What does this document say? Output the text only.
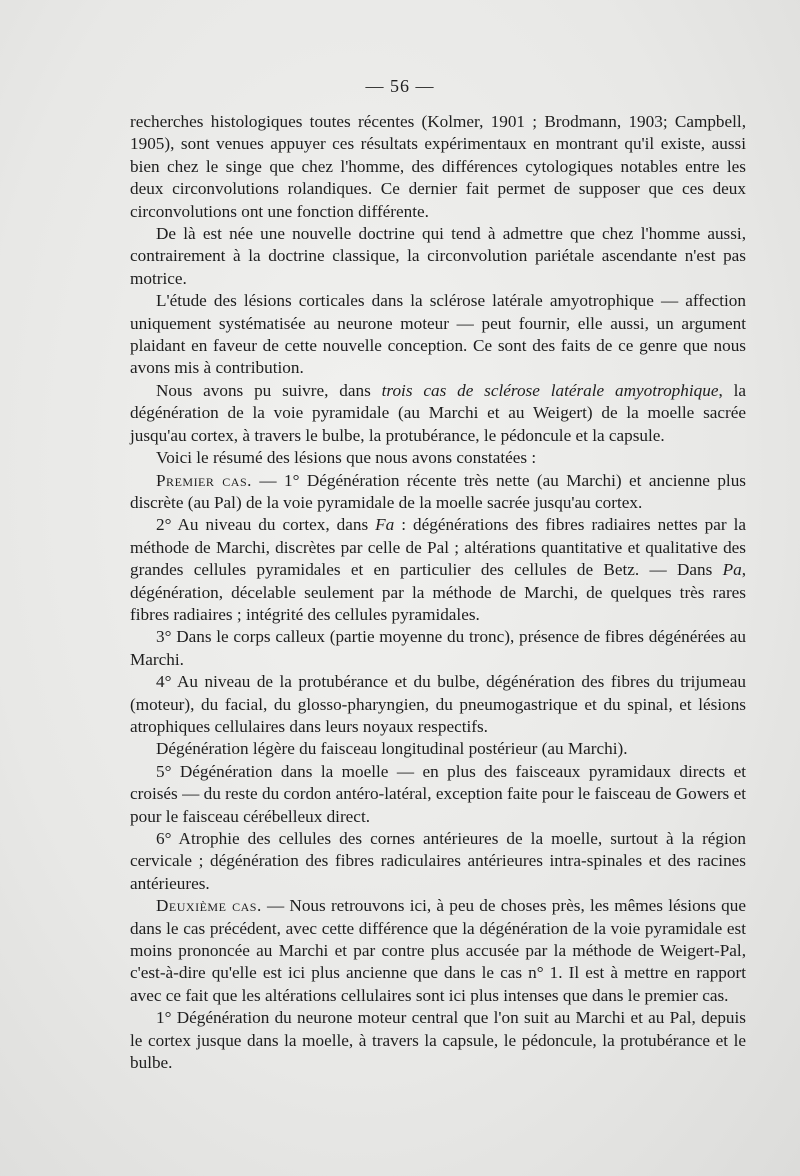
— 56 —

recherches histologiques toutes récentes (Kolmer, 1901 ; Brodmann, 1903; Campbell, 1905), sont venues appuyer ces résultats expérimentaux en montrant qu'il existe, aussi bien chez le singe que chez l'homme, des différences cytologiques notables entre les deux circonvolutions rolandiques. Ce dernier fait permet de supposer que ces deux circonvolutions ont une fonction différente.

De là est née une nouvelle doctrine qui tend à admettre que chez l'homme aussi, contrairement à la doctrine classique, la circonvolution pariétale ascendante n'est pas motrice.

L'étude des lésions corticales dans la sclérose latérale amyotrophique — affection uniquement systématisée au neurone moteur — peut fournir, elle aussi, un argument plaidant en faveur de cette nouvelle conception. Ce sont des faits de ce genre que nous avons mis à contribution.

Nous avons pu suivre, dans trois cas de sclérose latérale amyotrophique, la dégénération de la voie pyramidale (au Marchi et au Weigert) de la moelle sacrée jusqu'au cortex, à travers le bulbe, la protubérance, le pédoncule et la capsule.

Voici le résumé des lésions que nous avons constatées :

Premier cas. — 1° Dégénération récente très nette (au Marchi) et ancienne plus discrète (au Pal) de la voie pyramidale de la moelle sacrée jusqu'au cortex.

2° Au niveau du cortex, dans Fa : dégénérations des fibres radiaires nettes par la méthode de Marchi, discrètes par celle de Pal ; altérations quantitative et qualitative des grandes cellules pyramidales et en particulier des cellules de Betz. — Dans Pa, dégénération, décelable seulement par la méthode de Marchi, de quelques très rares fibres radiaires ; intégrité des cellules pyramidales.

3° Dans le corps calleux (partie moyenne du tronc), présence de fibres dégénérées au Marchi.

4° Au niveau de la protubérance et du bulbe, dégénération des fibres du trijumeau (moteur), du facial, du glosso-pharyngien, du pneumogastrique et du spinal, et lésions atrophiques cellulaires dans leurs noyaux respectifs.

Dégénération légère du faisceau longitudinal postérieur (au Marchi).

5° Dégénération dans la moelle — en plus des faisceaux pyramidaux directs et croisés — du reste du cordon antéro-latéral, exception faite pour le faisceau de Gowers et pour le faisceau cérébelleux direct.

6° Atrophie des cellules des cornes antérieures de la moelle, surtout à la région cervicale ; dégénération des fibres radiculaires antérieures intra-spinales et des racines antérieures.

Deuxième cas. — Nous retrouvons ici, à peu de choses près, les mêmes lésions que dans le cas précédent, avec cette différence que la dégénération de la voie pyramidale est moins prononcée au Marchi et par contre plus accusée par la méthode de Weigert-Pal, c'est-à-dire qu'elle est ici plus ancienne que dans le cas n° 1. Il est à mettre en rapport avec ce fait que les altérations cellulaires sont ici plus intenses que dans le premier cas.

1° Dégénération du neurone moteur central que l'on suit au Marchi et au Pal, depuis le cortex jusque dans la moelle, à travers la capsule, le pédoncule, la protubérance et le bulbe.
